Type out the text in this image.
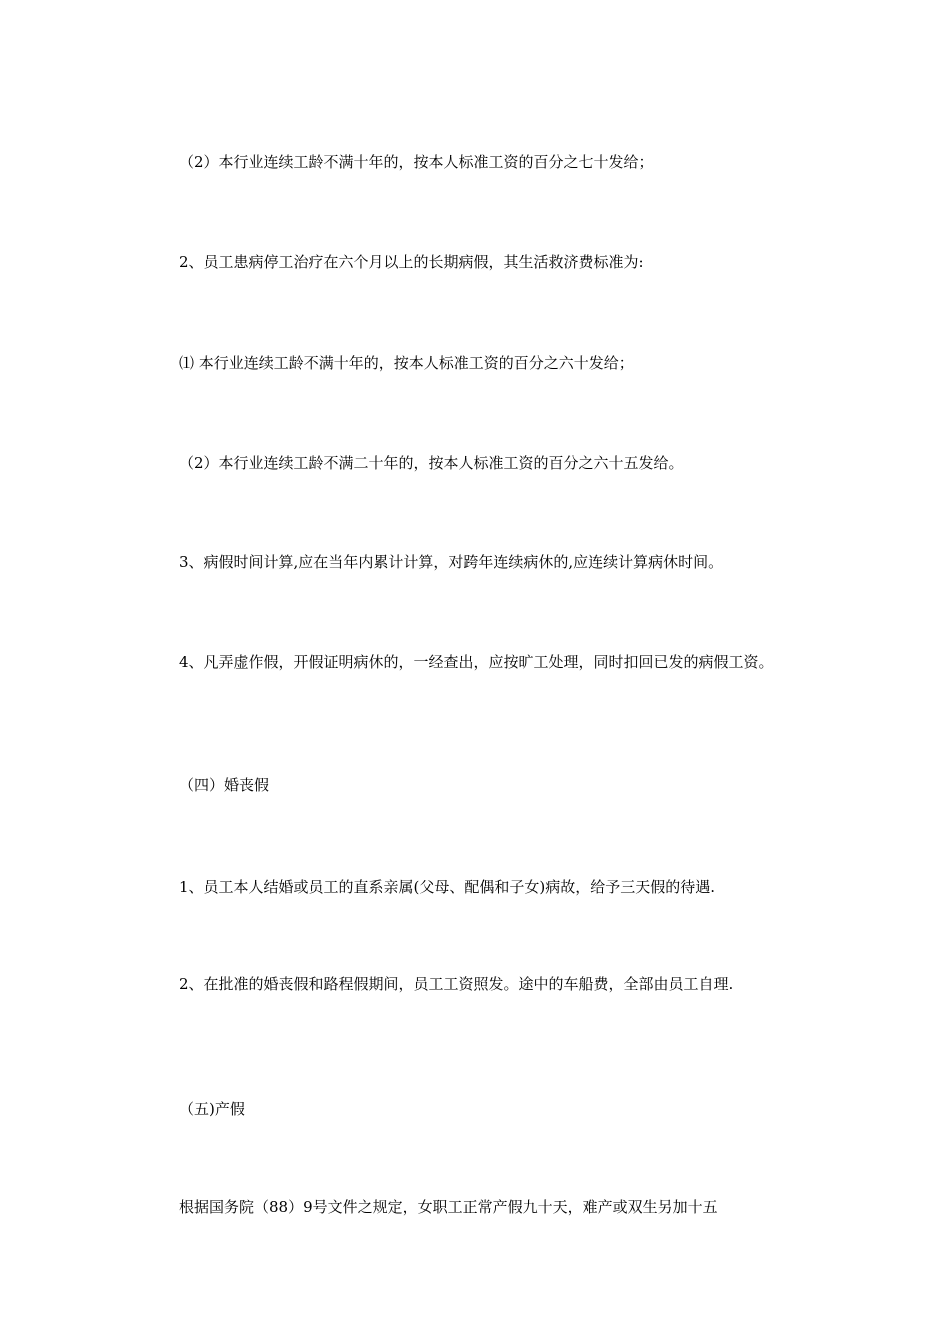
（2）本行业连续工龄不满十年的，按本人标准工资的百分之七十发给；

2、员工患病停工治疗在六个月以上的长期病假，其生活救济费标准为:

⑴ 本行业连续工龄不满十年的，按本人标准工资的百分之六十发给；

（2）本行业连续工龄不满二十年的，按本人标准工资的百分之六十五发给。

3、病假时间计算,应在当年内累计计算，对跨年连续病休的,应连续计算病休时间。

4、凡弄虚作假，开假证明病休的，一经查出，应按旷工处理，同时扣回已发的病假工资。

（四）婚丧假

1、员工本人结婚或员工的直系亲属(父母、配偶和子女)病故，给予三天假的待遇.

2、在批准的婚丧假和路程假期间，员工工资照发。途中的车船费，全部由员工自理.

（五)产假

根据国务院（88）9号文件之规定，女职工正常产假九十天，难产或双生另加十五
